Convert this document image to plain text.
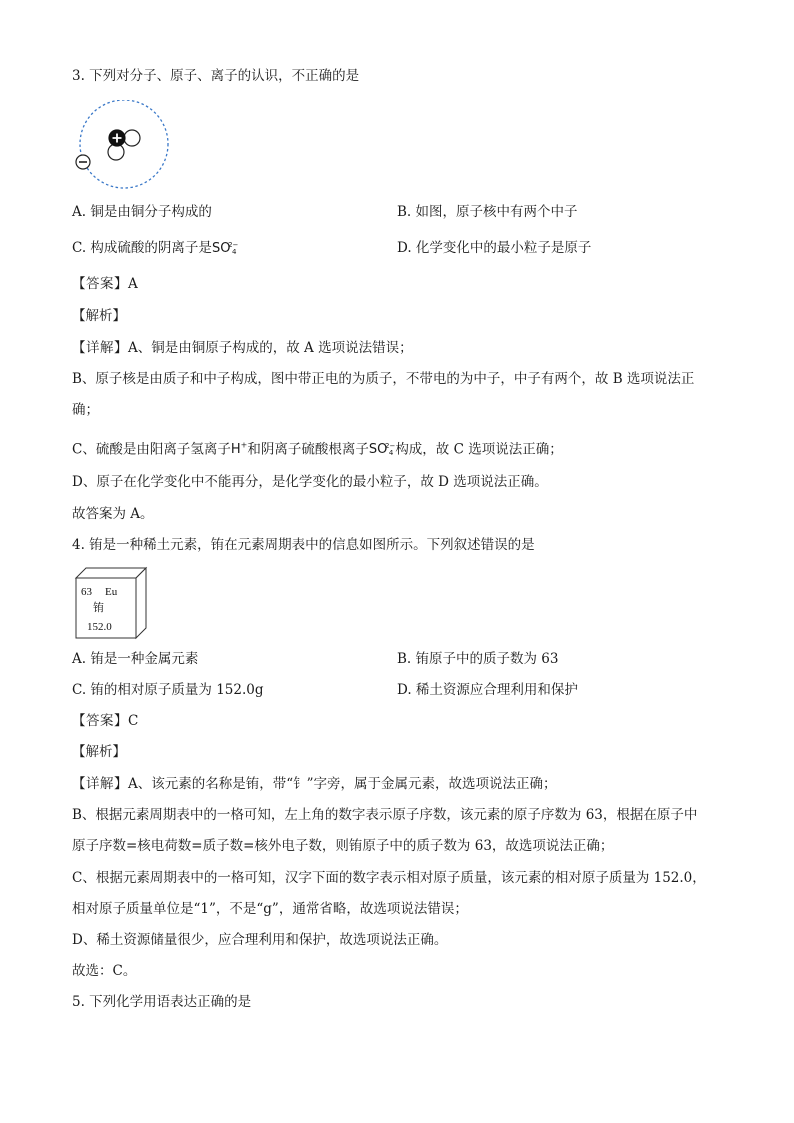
3. 下列对分子、原子、离子的认识，不正确的是
A. 铜是由铜分子构成的	B. 如图，原子核中有两个中子
C. 构成硫酸的阴离子是SO
2−
4	D. 化学变化中的最小粒子是原子
【答案】A
【解析】
【详解】A、铜是由铜原子构成的，故 A 选项说法错误；
B、原子核是由质子和中子构成，图中带正电的为质子，不带电的为中子，中子有两个，故 B 选项说法正
确；
C、硫酸是由阳离子氢离子H+和阴离子硫酸根离子SO
2−
4 构成，故 C 选项说法正确；
D、原子在化学变化中不能再分，是化学变化的最小粒子，故 D 选项说法正确。
故答案为 A。
4. 铕是一种稀土元素，铕在元素周期表中的信息如图所示。下列叙述错误的是
63 Eu
铕
152.0
A. 铕是一种金属元素	B. 铕原子中的质子数为 63
C. 铕的相对原子质量为 152.0g	D. 稀土资源应合理利用和保护
【答案】C
【解析】
【详解】A、该元素的名称是铕，带“钅”字旁，属于金属元素，故选项说法正确；
B、根据元素周期表中的一格可知，左上角的数字表示原子序数，该元素的原子序数为 63，根据在原子中
原子序数=核电荷数=质子数=核外电子数，则铕原子中的质子数为 63，故选项说法正确；
C、根据元素周期表中的一格可知，汉字下面的数字表示相对原子质量，该元素的相对原子质量为 152.0，
相对原子质量单位是“1”，不是“g”，通常省略，故选项说法错误；
D、稀土资源储量很少，应合理利用和保护，故选项说法正确。
故选：C。
5. 下列化学用语表达正确的是
